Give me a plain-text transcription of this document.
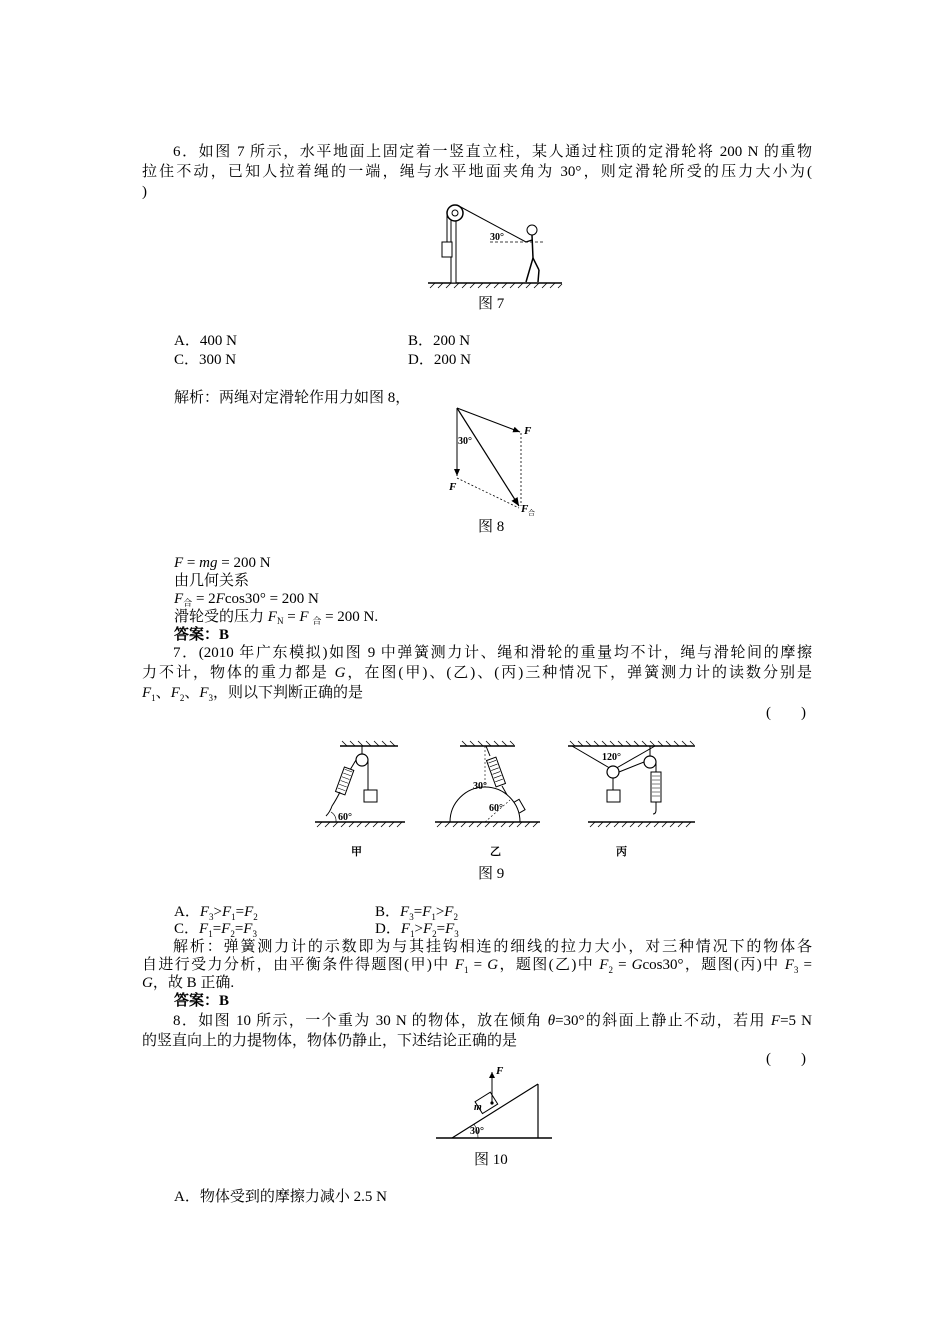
6．如图 7 所示，水平地面上固定着一竖直立柱，某人通过柱顶的定滑轮将 200 N 的重物
拉住不动，已知人拉着绳的一端，绳与水平地面夹角为 30°，则定滑轮所受的压力大小为(
)
30°
图 7
A．400 N	B．200 N
C．300 N	D．200 N
解析：两绳对定滑轮作用力如图 8，
30°
F
F
F 合
图 8
F = mg = 200 N
由几何关系
$F_合 = 2Fcos30^\circ = 200$ N
滑轮受的压力 $F_N = F$ $_合$ = 200 N.
答案：B
7．(2010 年广东模拟)如图 9 中弹簧测力计、绳和滑轮的重量均不计，绳与滑轮间的摩擦
力不计，物体的重力都是 G，在图(甲)、(乙)、(丙)三种情况下，弹簧测力计的读数分别是
$F_1$、$F_2$、$F_3$，则以下判断正确的是
(　　)
60°
30°
60°
120°
甲	乙	丙
图 9
A．$F_3>F_1=F_2$	B．$F_3=F_1>F_2$
C．$F_1=F_2=F_3$	D．$F_1>F_2=F_3$
解析：弹簧测力计的示数即为与其挂钩相连的细线的拉力大小，对三种情况下的物体各
自进行受力分析，由平衡条件得题图(甲)中 $F_1 = G$，题图(乙)中 $F_2 = Gcos30^\circ$，题图(丙)中 $F_3$ =
G，故 B 正确.
答案：B
8．如图 10 所示，一个重为 30 N 的物体，放在倾角 θ=30°的斜面上静止不动，若用 F=5 N
的竖直向上的力提物体，物体仍静止，下述结论正确的是
(　　)
F
m
30°
图 10
A．物体受到的摩擦力减小 2.5 N
